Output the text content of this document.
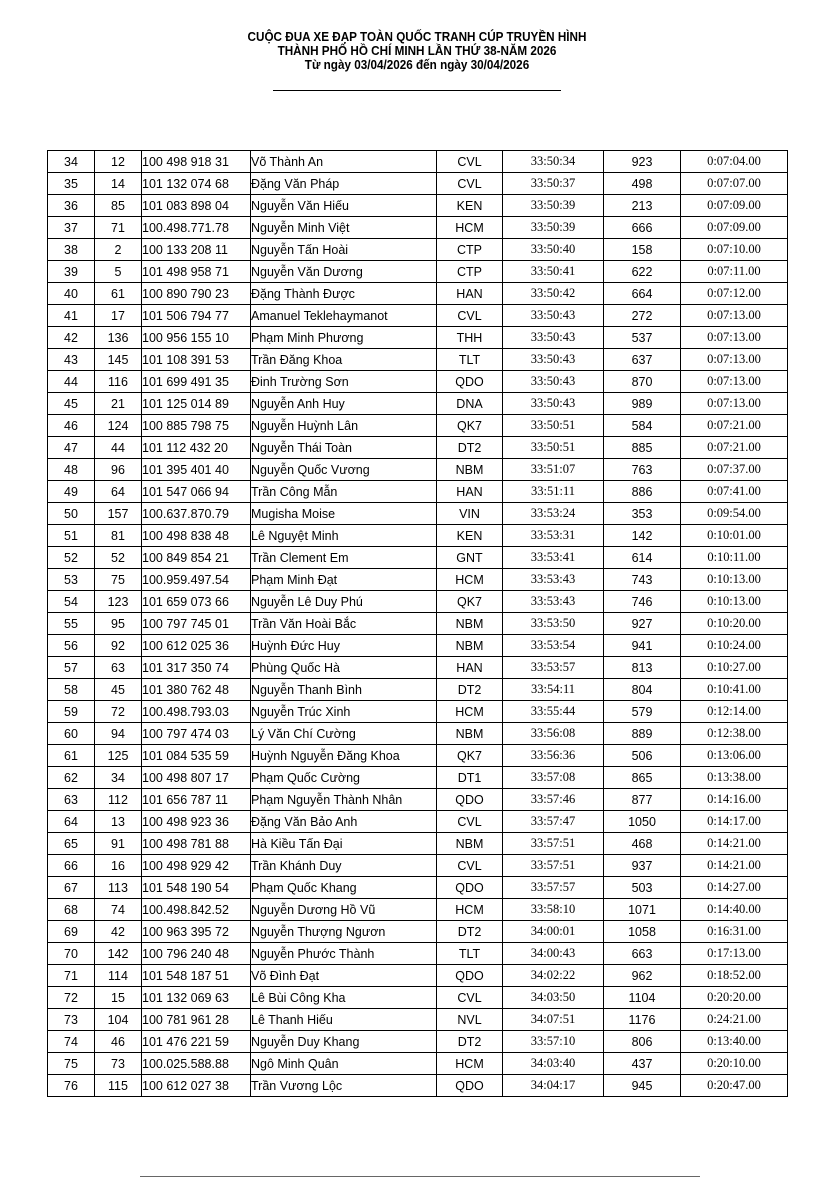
CUỘC ĐUA XE ĐẠP TOÀN QUỐC TRANH CÚP TRUYỀN HÌNH
THÀNH PHỐ HỒ CHÍ MINH LẦN THỨ 38-NĂM 2026
Từ ngày 03/04/2026 đến ngày 30/04/2026
34	12	100 498 918 31	Võ Thành An	CVL	33:50:34	923	0:07:04.00
35	14	101 132 074 68	Đặng Văn Pháp	CVL	33:50:37	498	0:07:07.00
36	85	101 083 898 04	Nguyễn Văn Hiếu	KEN	33:50:39	213	0:07:09.00
37	71	100.498.771.78	Nguyễn Minh Việt	HCM	33:50:39	666	0:07:09.00
38	2	100 133 208 11	Nguyễn Tấn Hoài	CTP	33:50:40	158	0:07:10.00
39	5	101 498 958 71	Nguyễn Văn Dương	CTP	33:50:41	622	0:07:11.00
40	61	100 890 790 23	Đặng Thành Được	HAN	33:50:42	664	0:07:12.00
41	17	101 506 794 77	Amanuel Teklehaymanot	CVL	33:50:43	272	0:07:13.00
42	136	100 956 155 10	Phạm Minh Phương	THH	33:50:43	537	0:07:13.00
43	145	101 108 391 53	Trần Đăng Khoa	TLT	33:50:43	637	0:07:13.00
44	116	101 699 491 35	Đinh Trường Sơn	QDO	33:50:43	870	0:07:13.00
45	21	101 125 014 89	Nguyễn Anh Huy	DNA	33:50:43	989	0:07:13.00
46	124	100 885 798 75	Nguyễn Huỳnh Lân	QK7	33:50:51	584	0:07:21.00
47	44	101 112 432 20	Nguyễn Thái Toàn	DT2	33:50:51	885	0:07:21.00
48	96	101 395 401 40	Nguyễn Quốc Vương	NBM	33:51:07	763	0:07:37.00
49	64	101 547 066 94	Trần Công Mẫn	HAN	33:51:11	886	0:07:41.00
50	157	100.637.870.79	Mugisha Moise	VIN	33:53:24	353	0:09:54.00
51	81	100 498 838 48	Lê Nguyệt Minh	KEN	33:53:31	142	0:10:01.00
52	52	100 849 854 21	Trần Clement Em	GNT	33:53:41	614	0:10:11.00
53	75	100.959.497.54	Phạm Minh Đạt	HCM	33:53:43	743	0:10:13.00
54	123	101 659 073 66	Nguyễn Lê Duy Phú	QK7	33:53:43	746	0:10:13.00
55	95	100 797 745 01	Trần Văn Hoài Bắc	NBM	33:53:50	927	0:10:20.00
56	92	100 612 025 36	Huỳnh Đức Huy	NBM	33:53:54	941	0:10:24.00
57	63	101 317 350 74	Phùng Quốc Hà	HAN	33:53:57	813	0:10:27.00
58	45	101 380 762 48	Nguyễn Thanh Bình	DT2	33:54:11	804	0:10:41.00
59	72	100.498.793.03	Nguyễn Trúc Xinh	HCM	33:55:44	579	0:12:14.00
60	94	100 797 474 03	Lý Văn Chí Cường	NBM	33:56:08	889	0:12:38.00
61	125	101 084 535 59	Huỳnh Nguyễn Đăng Khoa	QK7	33:56:36	506	0:13:06.00
62	34	100 498 807 17	Phạm Quốc Cường	DT1	33:57:08	865	0:13:38.00
63	112	101 656 787 11	Phạm Nguyễn Thành Nhân	QDO	33:57:46	877	0:14:16.00
64	13	100 498 923 36	Đặng Văn Bảo Anh	CVL	33:57:47	1050	0:14:17.00
65	91	100 498 781 88	Hà Kiều Tấn Đại	NBM	33:57:51	468	0:14:21.00
66	16	100 498 929 42	Trần Khánh Duy	CVL	33:57:51	937	0:14:21.00
67	113	101 548 190 54	Phạm Quốc Khang	QDO	33:57:57	503	0:14:27.00
68	74	100.498.842.52	Nguyễn Dương Hồ Vũ	HCM	33:58:10	1071	0:14:40.00
69	42	100 963 395 72	Nguyễn Thượng Ngươn	DT2	34:00:01	1058	0:16:31.00
70	142	100 796 240 48	Nguyễn Phước Thành	TLT	34:00:43	663	0:17:13.00
71	114	101 548 187 51	Võ Đình Đạt	QDO	34:02:22	962	0:18:52.00
72	15	101 132 069 63	Lê Bùi Công Kha	CVL	34:03:50	1104	0:20:20.00
73	104	100 781 961 28	Lê Thanh Hiếu	NVL	34:07:51	1176	0:24:21.00
74	46	101 476 221 59	Nguyễn Duy Khang	DT2	33:57:10	806	0:13:40.00
75	73	100.025.588.88	Ngô Minh Quân	HCM	34:03:40	437	0:20:10.00
76	115	100 612 027 38	Trần Vương Lộc	QDO	34:04:17	945	0:20:47.00
